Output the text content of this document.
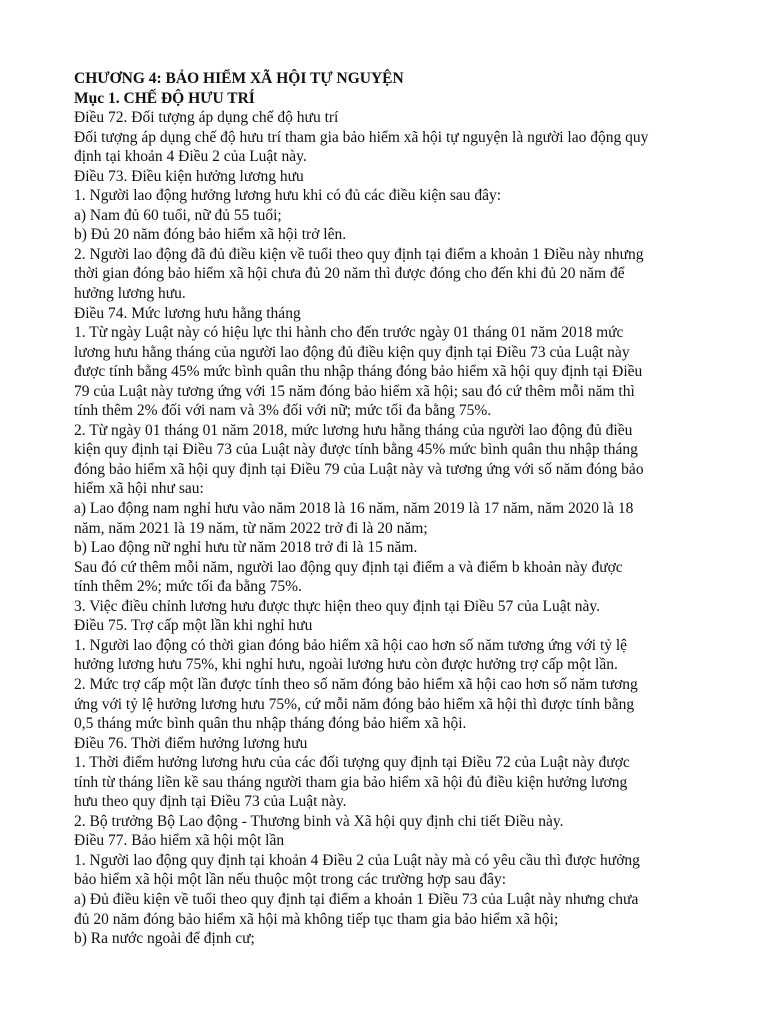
CHƯƠNG 4: BẢO HIỂM XÃ HỘI TỰ NGUYỆN

Mục 1. CHẾ ĐỘ HƯU TRÍ

Điều 72. Đối tượng áp dụng chế độ hưu trí

Đối tượng áp dụng chế độ hưu trí tham gia bảo hiểm xã hội tự nguyện là người lao động quy

định tại khoản 4 Điều 2 của Luật này.

Điều 73. Điều kiện hưởng lương hưu

1. Người lao động hưởng lương hưu khi có đủ các điều kiện sau đây:

a) Nam đủ 60 tuổi, nữ đủ 55 tuổi;

b) Đủ 20 năm đóng bảo hiểm xã hội trở lên.

2. Người lao động đã đủ điều kiện về tuổi theo quy định tại điểm a khoản 1 Điều này nhưng

thời gian đóng bảo hiểm xã hội chưa đủ 20 năm thì được đóng cho đến khi đủ 20 năm để

hưởng lương hưu.

Điều 74. Mức lương hưu hằng tháng

1. Từ ngày Luật này có hiệu lực thi hành cho đến trước ngày 01 tháng 01 năm 2018 mức

lương hưu hằng tháng của người lao động đủ điều kiện quy định tại Điều 73 của Luật này

được tính bằng 45% mức bình quân thu nhập tháng đóng bảo hiểm xã hội quy định tại Điều

79 của Luật này tương ứng với 15 năm đóng bảo hiểm xã hội; sau đó cứ thêm mỗi năm thì

tính thêm 2% đối với nam và 3% đối với nữ; mức tối đa bằng 75%.

2. Từ ngày 01 tháng 01 năm 2018, mức lương hưu hằng tháng của người lao động đủ điều

kiện quy định tại Điều 73 của Luật này được tính bằng 45% mức bình quân thu nhập tháng

đóng bảo hiểm xã hội quy định tại Điều 79 của Luật này và tương ứng với số năm đóng bảo

hiểm xã hội như sau:

a) Lao động nam nghỉ hưu vào năm 2018 là 16 năm, năm 2019 là 17 năm, năm 2020 là 18

năm, năm 2021 là 19 năm, từ năm 2022 trở đi là 20 năm;

b) Lao động nữ nghỉ hưu từ năm 2018 trở đi là 15 năm.

Sau đó cứ thêm mỗi năm, người lao động quy định tại điểm a và điểm b khoản này được

tính thêm 2%; mức tối đa bằng 75%.

3. Việc điều chỉnh lương hưu được thực hiện theo quy định tại Điều 57 của Luật này.

Điều 75. Trợ cấp một lần khi nghỉ hưu

1. Người lao động có thời gian đóng bảo hiểm xã hội cao hơn số năm tương ứng với tỷ lệ

hưởng lương hưu 75%, khi nghỉ hưu, ngoài lương hưu còn được hưởng trợ cấp một lần.

2. Mức trợ cấp một lần được tính theo số năm đóng bảo hiểm xã hội cao hơn số năm tương

ứng với tỷ lệ hưởng lương hưu 75%, cứ mỗi năm đóng bảo hiểm xã hội thì được tính bằng

0,5 tháng mức bình quân thu nhập tháng đóng bảo hiểm xã hội.

Điều 76. Thời điểm hưởng lương hưu

1. Thời điểm hưởng lương hưu của các đối tượng quy định tại Điều 72 của Luật này được

tính từ tháng liền kề sau tháng người tham gia bảo hiểm xã hội đủ điều kiện hưởng lương

hưu theo quy định tại Điều 73 của Luật này.

2. Bộ trưởng Bộ Lao động - Thương binh và Xã hội quy định chi tiết Điều này.

Điều 77. Bảo hiểm xã hội một lần

1. Người lao động quy định tại khoản 4 Điều 2 của Luật này mà có yêu cầu thì được hưởng

bảo hiểm xã hội một lần nếu thuộc một trong các trường hợp sau đây:

a) Đủ điều kiện về tuổi theo quy định tại điểm a khoản 1 Điều 73 của Luật này nhưng chưa

đủ 20 năm đóng bảo hiểm xã hội mà không tiếp tục tham gia bảo hiểm xã hội;

b) Ra nước ngoài để định cư;
